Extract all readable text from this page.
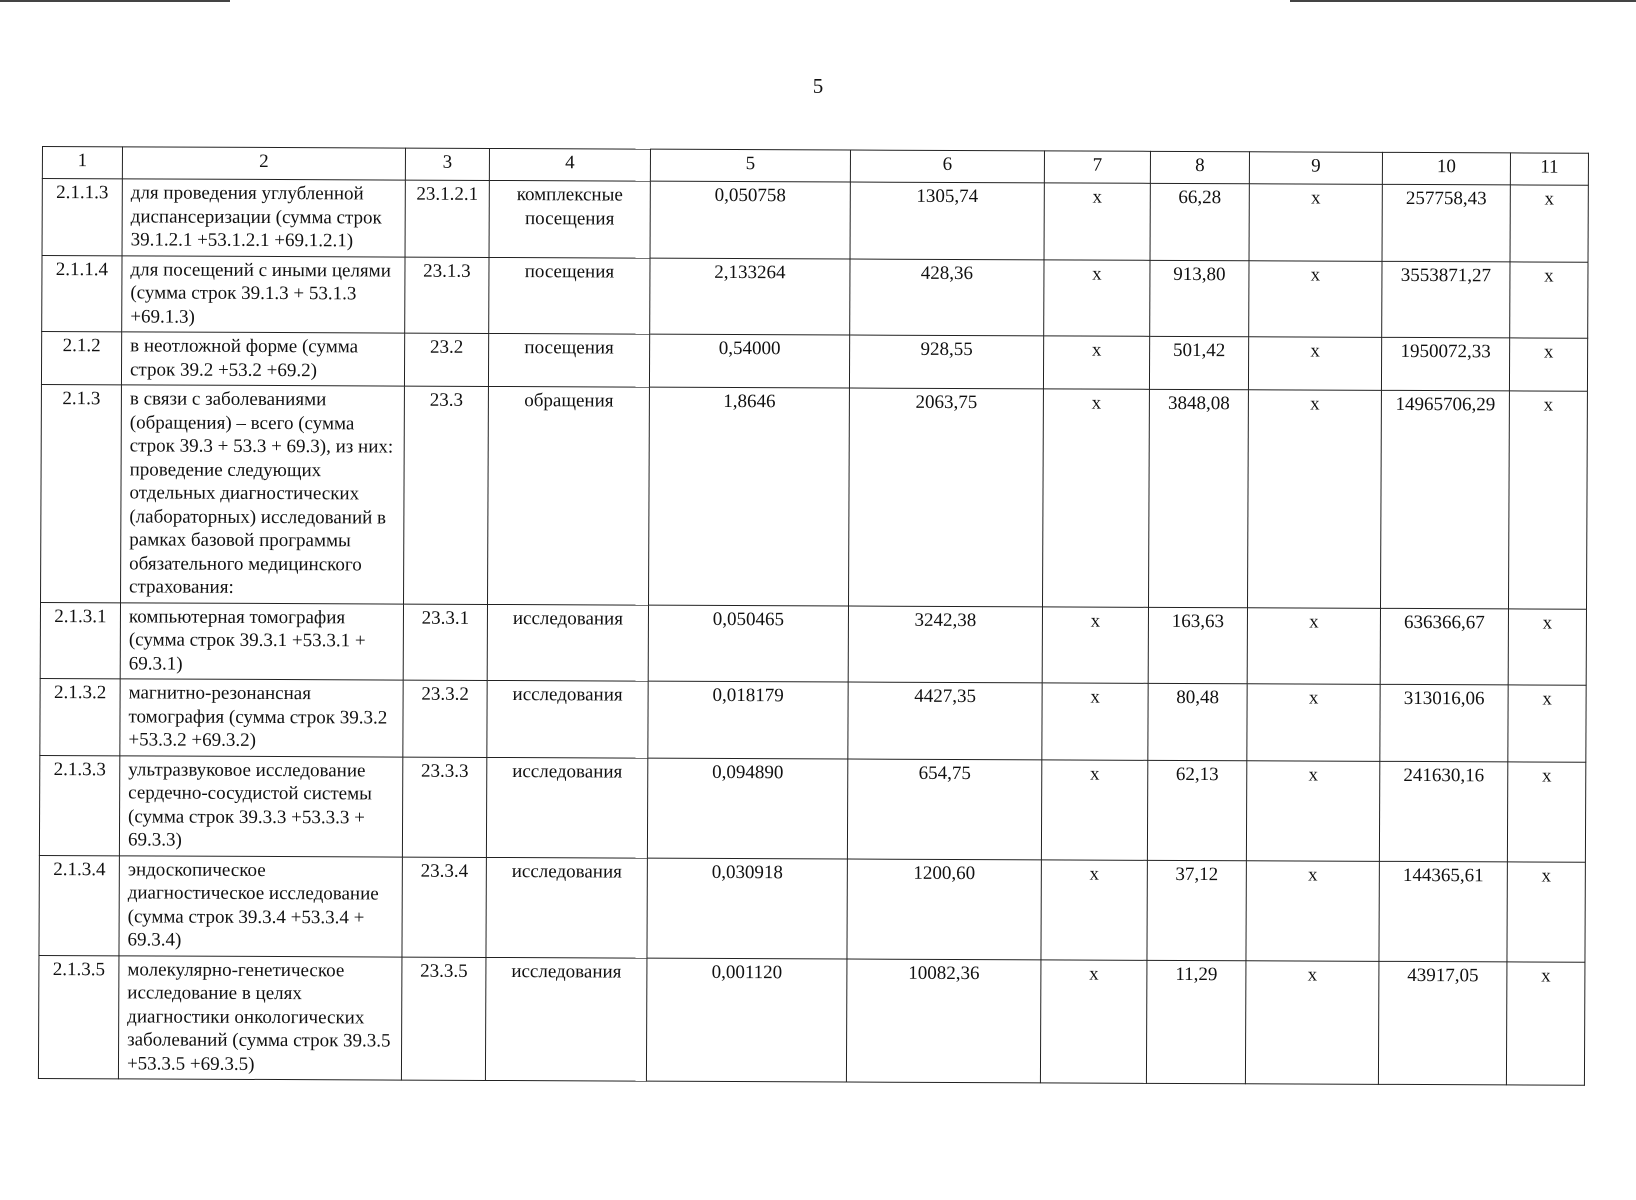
5
1	2	3	4	5	6	7	8	9	10	11
2.1.1.3	для проведения углубленной диспансеризации (сумма строк 39.1.2.1 +53.1.2.1 +69.1.2.1)	23.1.2.1	комплексные посещения	0,050758	1305,74	х	66,28	х	257758,43	х
2.1.1.4	для посещений с иными целями (сумма строк 39.1.3 + 53.1.3 +69.1.3)	23.1.3	посещения	2,133264	428,36	х	913,80	х	3553871,27	х
2.1.2	в неотложной форме (сумма строк 39.2 +53.2 +69.2)	23.2	посещения	0,54000	928,55	х	501,42	х	1950072,33	х
2.1.3	в связи с заболеваниями (обращения) – всего (сумма строк 39.3 + 53.3 + 69.3), из них: проведение следующих отдельных диагностических (лабораторных) исследований в рамках базовой программы обязательного медицинского страхования:	23.3	обращения	1,8646	2063,75	х	3848,08	х	14965706,29	х
2.1.3.1	компьютерная томография (сумма строк 39.3.1 +53.3.1 + 69.3.1)	23.3.1	исследования	0,050465	3242,38	х	163,63	х	636366,67	х
2.1.3.2	магнитно-резонансная томография (сумма строк 39.3.2 +53.3.2 +69.3.2)	23.3.2	исследования	0,018179	4427,35	х	80,48	х	313016,06	х
2.1.3.3	ультразвуковое исследование сердечно-сосудистой системы (сумма строк 39.3.3 +53.3.3 + 69.3.3)	23.3.3	исследования	0,094890	654,75	х	62,13	х	241630,16	х
2.1.3.4	эндоскопическое диагностическое исследование (сумма строк 39.3.4 +53.3.4 + 69.3.4)	23.3.4	исследования	0,030918	1200,60	х	37,12	х	144365,61	х
2.1.3.5	молекулярно-генетическое исследование в целях диагностики онкологических заболеваний (сумма строк 39.3.5 +53.3.5 +69.3.5)	23.3.5	исследования	0,001120	10082,36	х	11,29	х	43917,05	х
